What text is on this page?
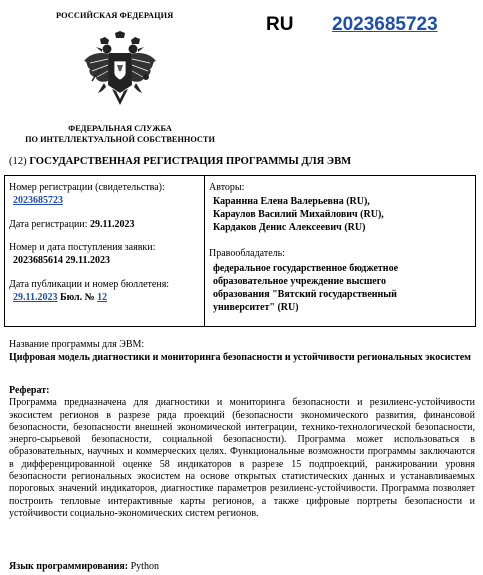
РОССИЙСКАЯ ФЕДЕРАЦИЯ
ФЕДЕРАЛЬНАЯ СЛУЖБА
ПО ИНТЕЛЛЕКТУАЛЬНОЙ СОБСТВЕННОСТИ
RU 2023685723
(12) ГОСУДАРСТВЕННАЯ РЕГИСТРАЦИЯ ПРОГРАММЫ ДЛЯ ЭВМ
Номер регистрации (свидетельства):
2023685723
Дата регистрации: 29.11.2023
Номер и дата поступления заявки:
2023685614 29.11.2023
Дата публикации и номер бюллетеня:
29.11.2023 Бюл. № 12
Авторы:
Караннна Елена Валерьевна (RU),
Караулов Василий Михайлович (RU),
Кардаков Денис Алексеевич (RU)
Правообладатель:
федеральное государственное бюджетное
образовательное учреждение высшего
образования "Вятский государственный
университет" (RU)
Название программы для ЭВМ:
Цифровая модель диагностики и мониторинга безопасности и устойчивости региональных экосистем
Реферат:
Программа предназначена для диагностики и мониторинга безопасности и резилиенс-устойчивости экосистем регионов в разрезе ряда проекций (безопасности экономического развития, финансовой безопасности, безопасности внешней экономической интеграции, технико-технологической безопасности, энерго-сырьевой безопасности, социальной безопасности). Программа может использоваться в образовательных, научных и коммерческих целях. Функциональные возможности программы заключаются в дифференцированной оценке 58 индикаторов в разрезе 15 подпроекций, ранжировании уровня безопасности региональных экосистем на основе открытых статистических данных и устанавливаемых пороговых значений индикаторов, диагностике параметров резилиенс-устойчивости. Программа позволяет построить тепловые интерактивные карты регионов, а также цифровые портреты безопасности и устойчивости социально-экономических систем регионов.
Язык программирования: Python
